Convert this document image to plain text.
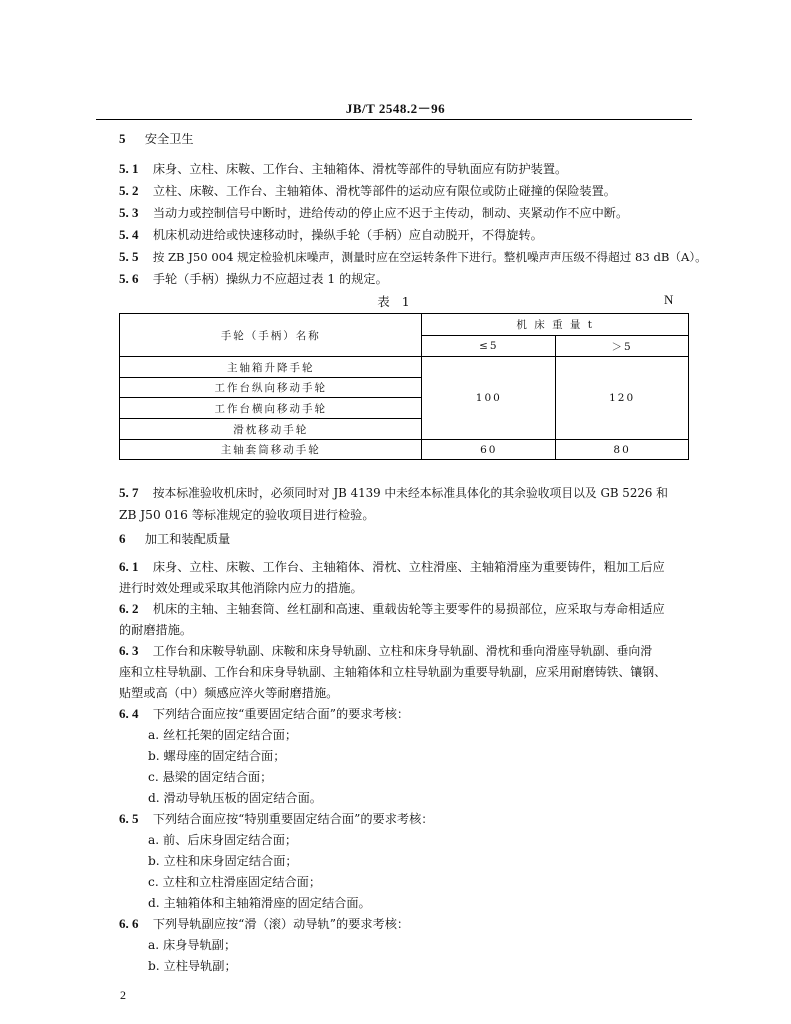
JB/T 2548.2－96
5 安全卫生
5. 1 床身、立柱、床鞍、工作台、主轴箱体、滑枕等部件的导轨面应有防护装置。
5. 2 立柱、床鞍、工作台、主轴箱体、滑枕等部件的运动应有限位或防止碰撞的保险装置。
5. 3 当动力或控制信号中断时，进给传动的停止应不迟于主传动，制动、夹紧动作不应中断。
5. 4 机床机动进给或快速移动时，操纵手轮（手柄）应自动脱开，不得旋转。
5. 5 按 ZB J50 004 规定检验机床噪声，测量时应在空运转条件下进行。整机噪声声压级不得超过 83 dB（A）。
5. 6 手轮（手柄）操纵力不应超过表 1 的规定。
表 1	N
手轮（手柄）名称	机 床 重 量 t	
	≤5	＞5
主轴箱升降手轮	100	120
工作台纵向移动手轮		
工作台横向移动手轮		
滑枕移动手轮		
主轴套筒移动手轮	60	80
5. 7 按本标准验收机床时，必须同时对 JB 4139 中未经本标准具体化的其余验收项目以及 GB 5226 和
ZB J50 016 等标准规定的验收项目进行检验。
6 加工和装配质量
6. 1 床身、立柱、床鞍、工作台、主轴箱体、滑枕、立柱滑座、主轴箱滑座为重要铸件，粗加工后应
进行时效处理或采取其他消除内应力的措施。
6. 2 机床的主轴、主轴套筒、丝杠副和高速、重载齿轮等主要零件的易损部位，应采取与寿命相适应
的耐磨措施。
6. 3 工作台和床鞍导轨副、床鞍和床身导轨副、立柱和床身导轨副、滑枕和垂向滑座导轨副、垂向滑
座和立柱导轨副、工作台和床身导轨副、主轴箱体和立柱导轨副为重要导轨副，应采用耐磨铸铁、镶钢、
贴塑或高（中）频感应淬火等耐磨措施。
6. 4 下列结合面应按“重要固定结合面”的要求考核：
a. 丝杠托架的固定结合面；
b. 螺母座的固定结合面；
c. 悬梁的固定结合面；
d. 滑动导轨压板的固定结合面。
6. 5 下列结合面应按“特别重要固定结合面”的要求考核：
a. 前、后床身固定结合面；
b. 立柱和床身固定结合面；
c. 立柱和立柱滑座固定结合面；
d. 主轴箱体和主轴箱滑座的固定结合面。
6. 6 下列导轨副应按“滑（滚）动导轨”的要求考核：
a. 床身导轨副；
b. 立柱导轨副；
2
